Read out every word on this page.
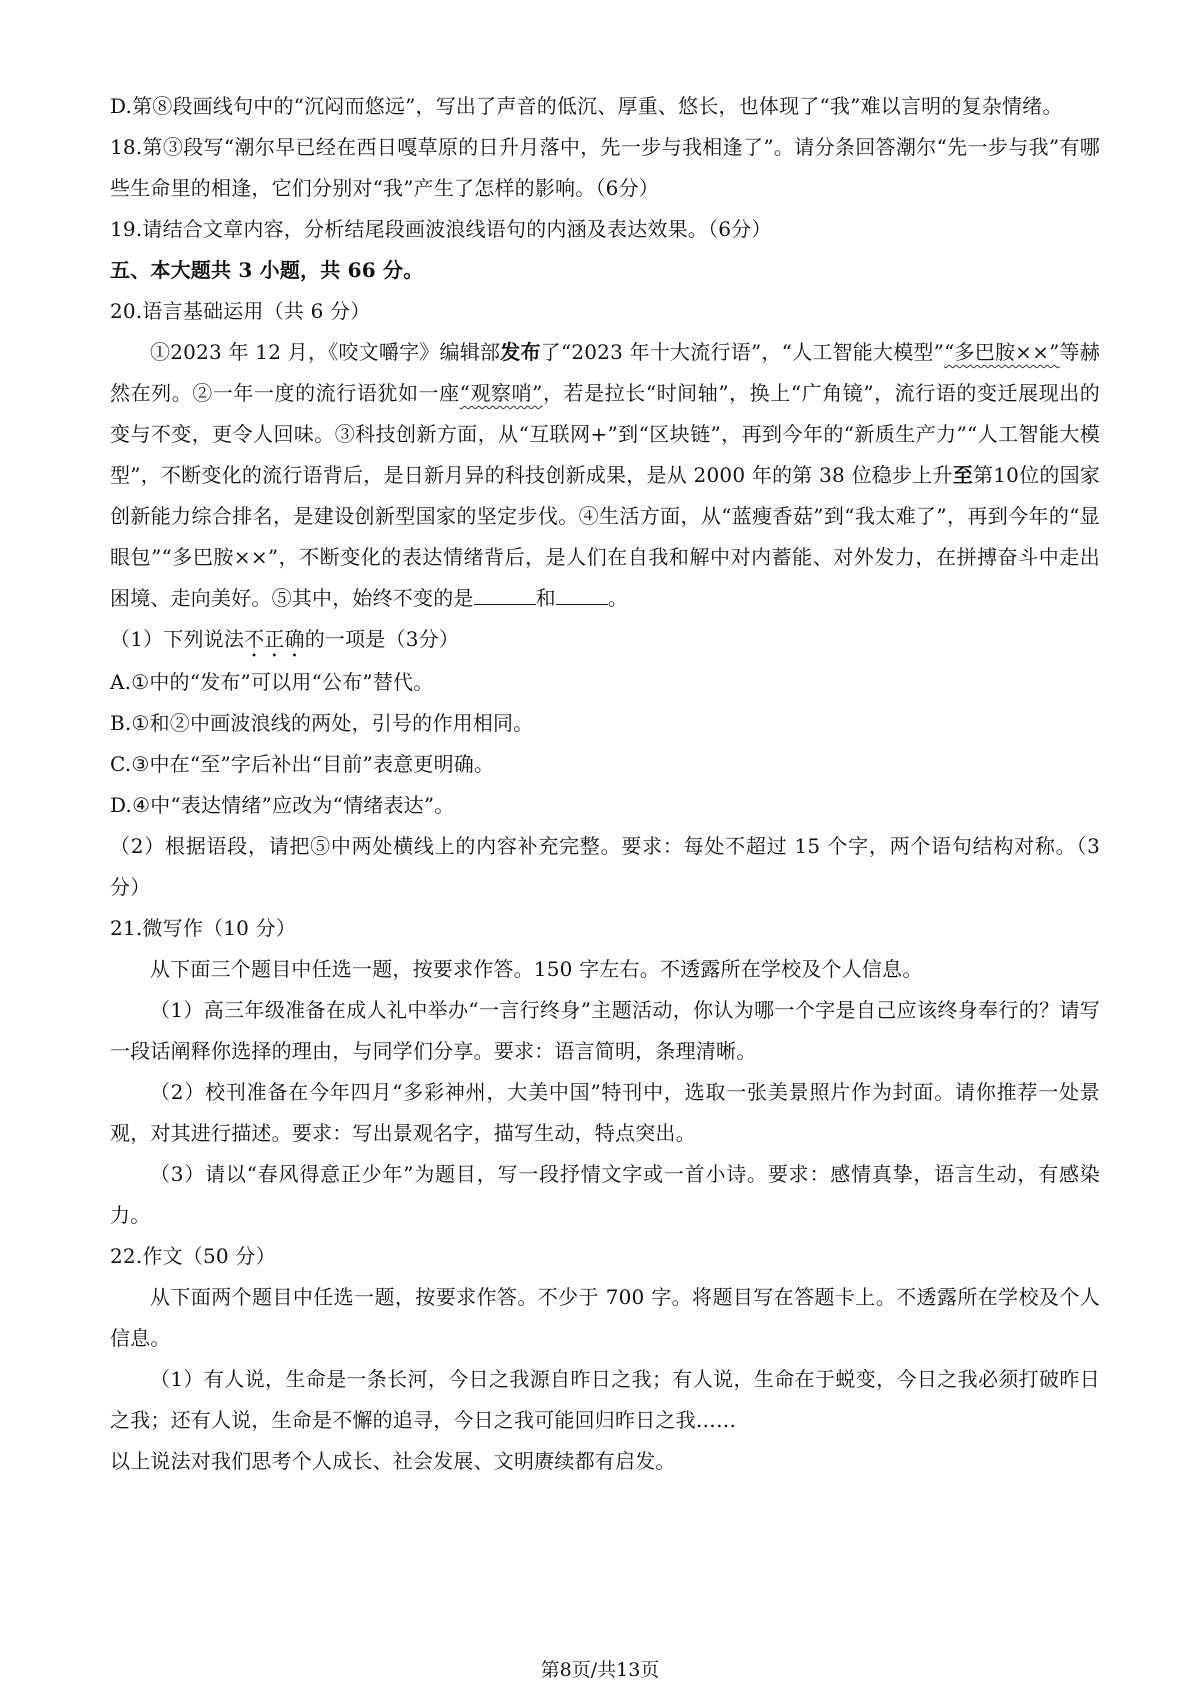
D.第⑧段画线句中的“沉闷而悠远”，写出了声音的低沉、厚重、悠长，也体现了“我”难以言明的复杂情绪。

18.第③段写“潮尔早已经在西日嘎草原的日升月落中，先一步与我相逢了”。请分条回答潮尔“先一步与我”有哪些生命里的相逢，它们分别对“我”产生了怎样的影响。（6分）

19.请结合文章内容，分析结尾段画波浪线语句的内涵及表达效果。（6分）

五、本大题共 3 小题，共 66 分。

20.语言基础运用（共 6 分）

①2023 年 12 月，《咬文嚼字》编辑部发布了“2023 年十大流行语”，“人工智能大模型”“多巴胺××”等赫然在列。②一年一度的流行语犹如一座“观察哨”，若是拉长“时间轴”，换上“广角镜”，流行语的变迁展现出的变与不变，更令人回味。③科技创新方面，从“互联网+”到“区块链”，再到今年的“新质生产力”“人工智能大模型”，不断变化的流行语背后，是日新月异的科技创新成果，是从 2000 年的第 38 位稳步上升至第10位的国家创新能力综合排名，是建设创新型国家的坚定步伐。④生活方面，从“蓝瘦香菇”到“我太难了”，再到今年的“显眼包”“多巴胺××”，不断变化的表达情绪背后，是人们在自我和解中对内蓄能、对外发力，在拼搏奋斗中走出困境、走向美好。⑤其中，始终不变的是	和	。

（1）下列说法不正确的一项是（3分）

A.①中的“发布”可以用“公布”替代。

B.①和②中画波浪线的两处，引号的作用相同。

C.③中在“至”字后补出“目前”表意更明确。

D.④中“表达情绪”应改为“情绪表达”。

（2）根据语段，请把⑤中两处横线上的内容补充完整。要求：每处不超过 15 个字，两个语句结构对称。（3 分）

21.微写作（10 分）

从下面三个题目中任选一题，按要求作答。150 字左右。不透露所在学校及个人信息。

（1）高三年级准备在成人礼中举办“一言行终身”主题活动，你认为哪一个字是自己应该终身奉行的？请写一段话阐释你选择的理由，与同学们分享。要求：语言简明，条理清晰。

（2）校刊准备在今年四月“多彩神州，大美中国”特刊中，选取一张美景照片作为封面。请你推荐一处景观，对其进行描述。要求：写出景观名字，描写生动，特点突出。

（3）请以“春风得意正少年”为题目，写一段抒情文字或一首小诗。要求：感情真挚，语言生动，有感染力。

22.作文（50 分）

从下面两个题目中任选一题，按要求作答。不少于 700 字。将题目写在答题卡上。不透露所在学校及个人信息。

（1）有人说，生命是一条长河，今日之我源自昨日之我；有人说，生命在于蜕变，今日之我必须打破昨日之我；还有人说，生命是不懈的追寻，今日之我可能回归昨日之我……

以上说法对我们思考个人成长、社会发展、文明赓续都有启发。

第8页/共13页
